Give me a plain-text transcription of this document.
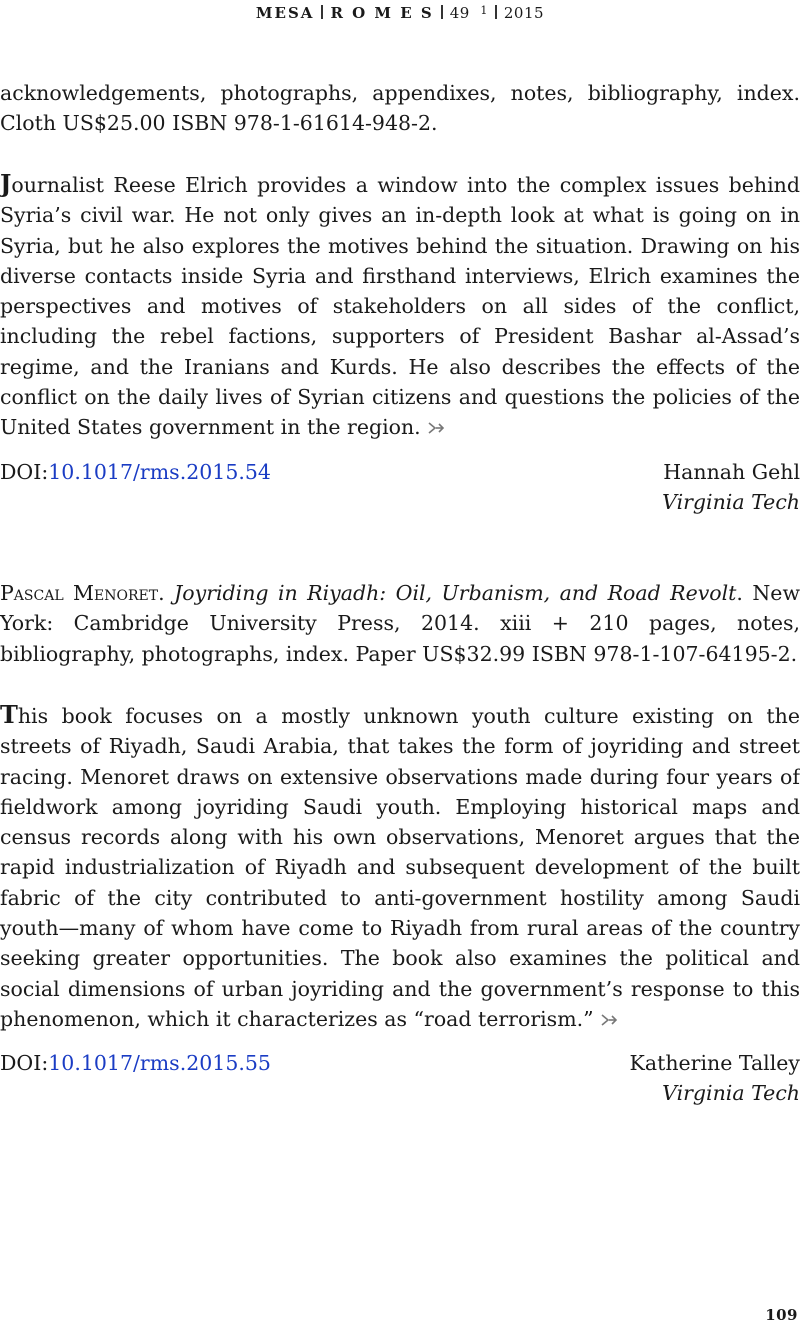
MESA R O M E S 49 $^1$ 2015
acknowledgements, photographs, appendixes, notes, bibliography, index.
Cloth US$25.00 ISBN 978-1-61614-948-2.

Journalist Reese Elrich provides a window into the complex issues behind Syria’s civil war. He not only gives an in-depth look at what is going on in Syria, but he also explores the motives behind the situation. Drawing on his diverse contacts inside Syria and firsthand interviews, Elrich examines the perspectives and motives of stakeholders on all sides of the conflict, including the rebel factions, supporters of President Bashar al-Assad’s regime, and the Iranians and Kurds. He also describes the effects of the conflict on the daily lives of Syrian citizens and questions the policies of the United States government in the region.

DOI:10.1017/rms.2015.54	Hannah Gehl
Virginia Tech

Pascal Menoret. Joyriding in Riyadh: Oil, Urbanism, and Road Revolt. New York: Cambridge University Press, 2014. xiii + 210 pages, notes, bibliography, photographs, index. Paper US$32.99 ISBN 978-1-107-64195-2.

This book focuses on a mostly unknown youth culture existing on the streets of Riyadh, Saudi Arabia, that takes the form of joyriding and street racing. Menoret draws on extensive observations made during four years of fieldwork among joyriding Saudi youth. Employing historical maps and census records along with his own observations, Menoret argues that the rapid industrialization of Riyadh and subsequent development of the built fabric of the city contributed to anti-government hostility among Saudi youth—many of whom have come to Riyadh from rural areas of the country seeking greater opportunities. The book also examines the political and social dimensions of urban joyriding and the government’s response to this phenomenon, which it characterizes as “road terrorism.”

DOI:10.1017/rms.2015.55	Katherine Talley
Virginia Tech
109
